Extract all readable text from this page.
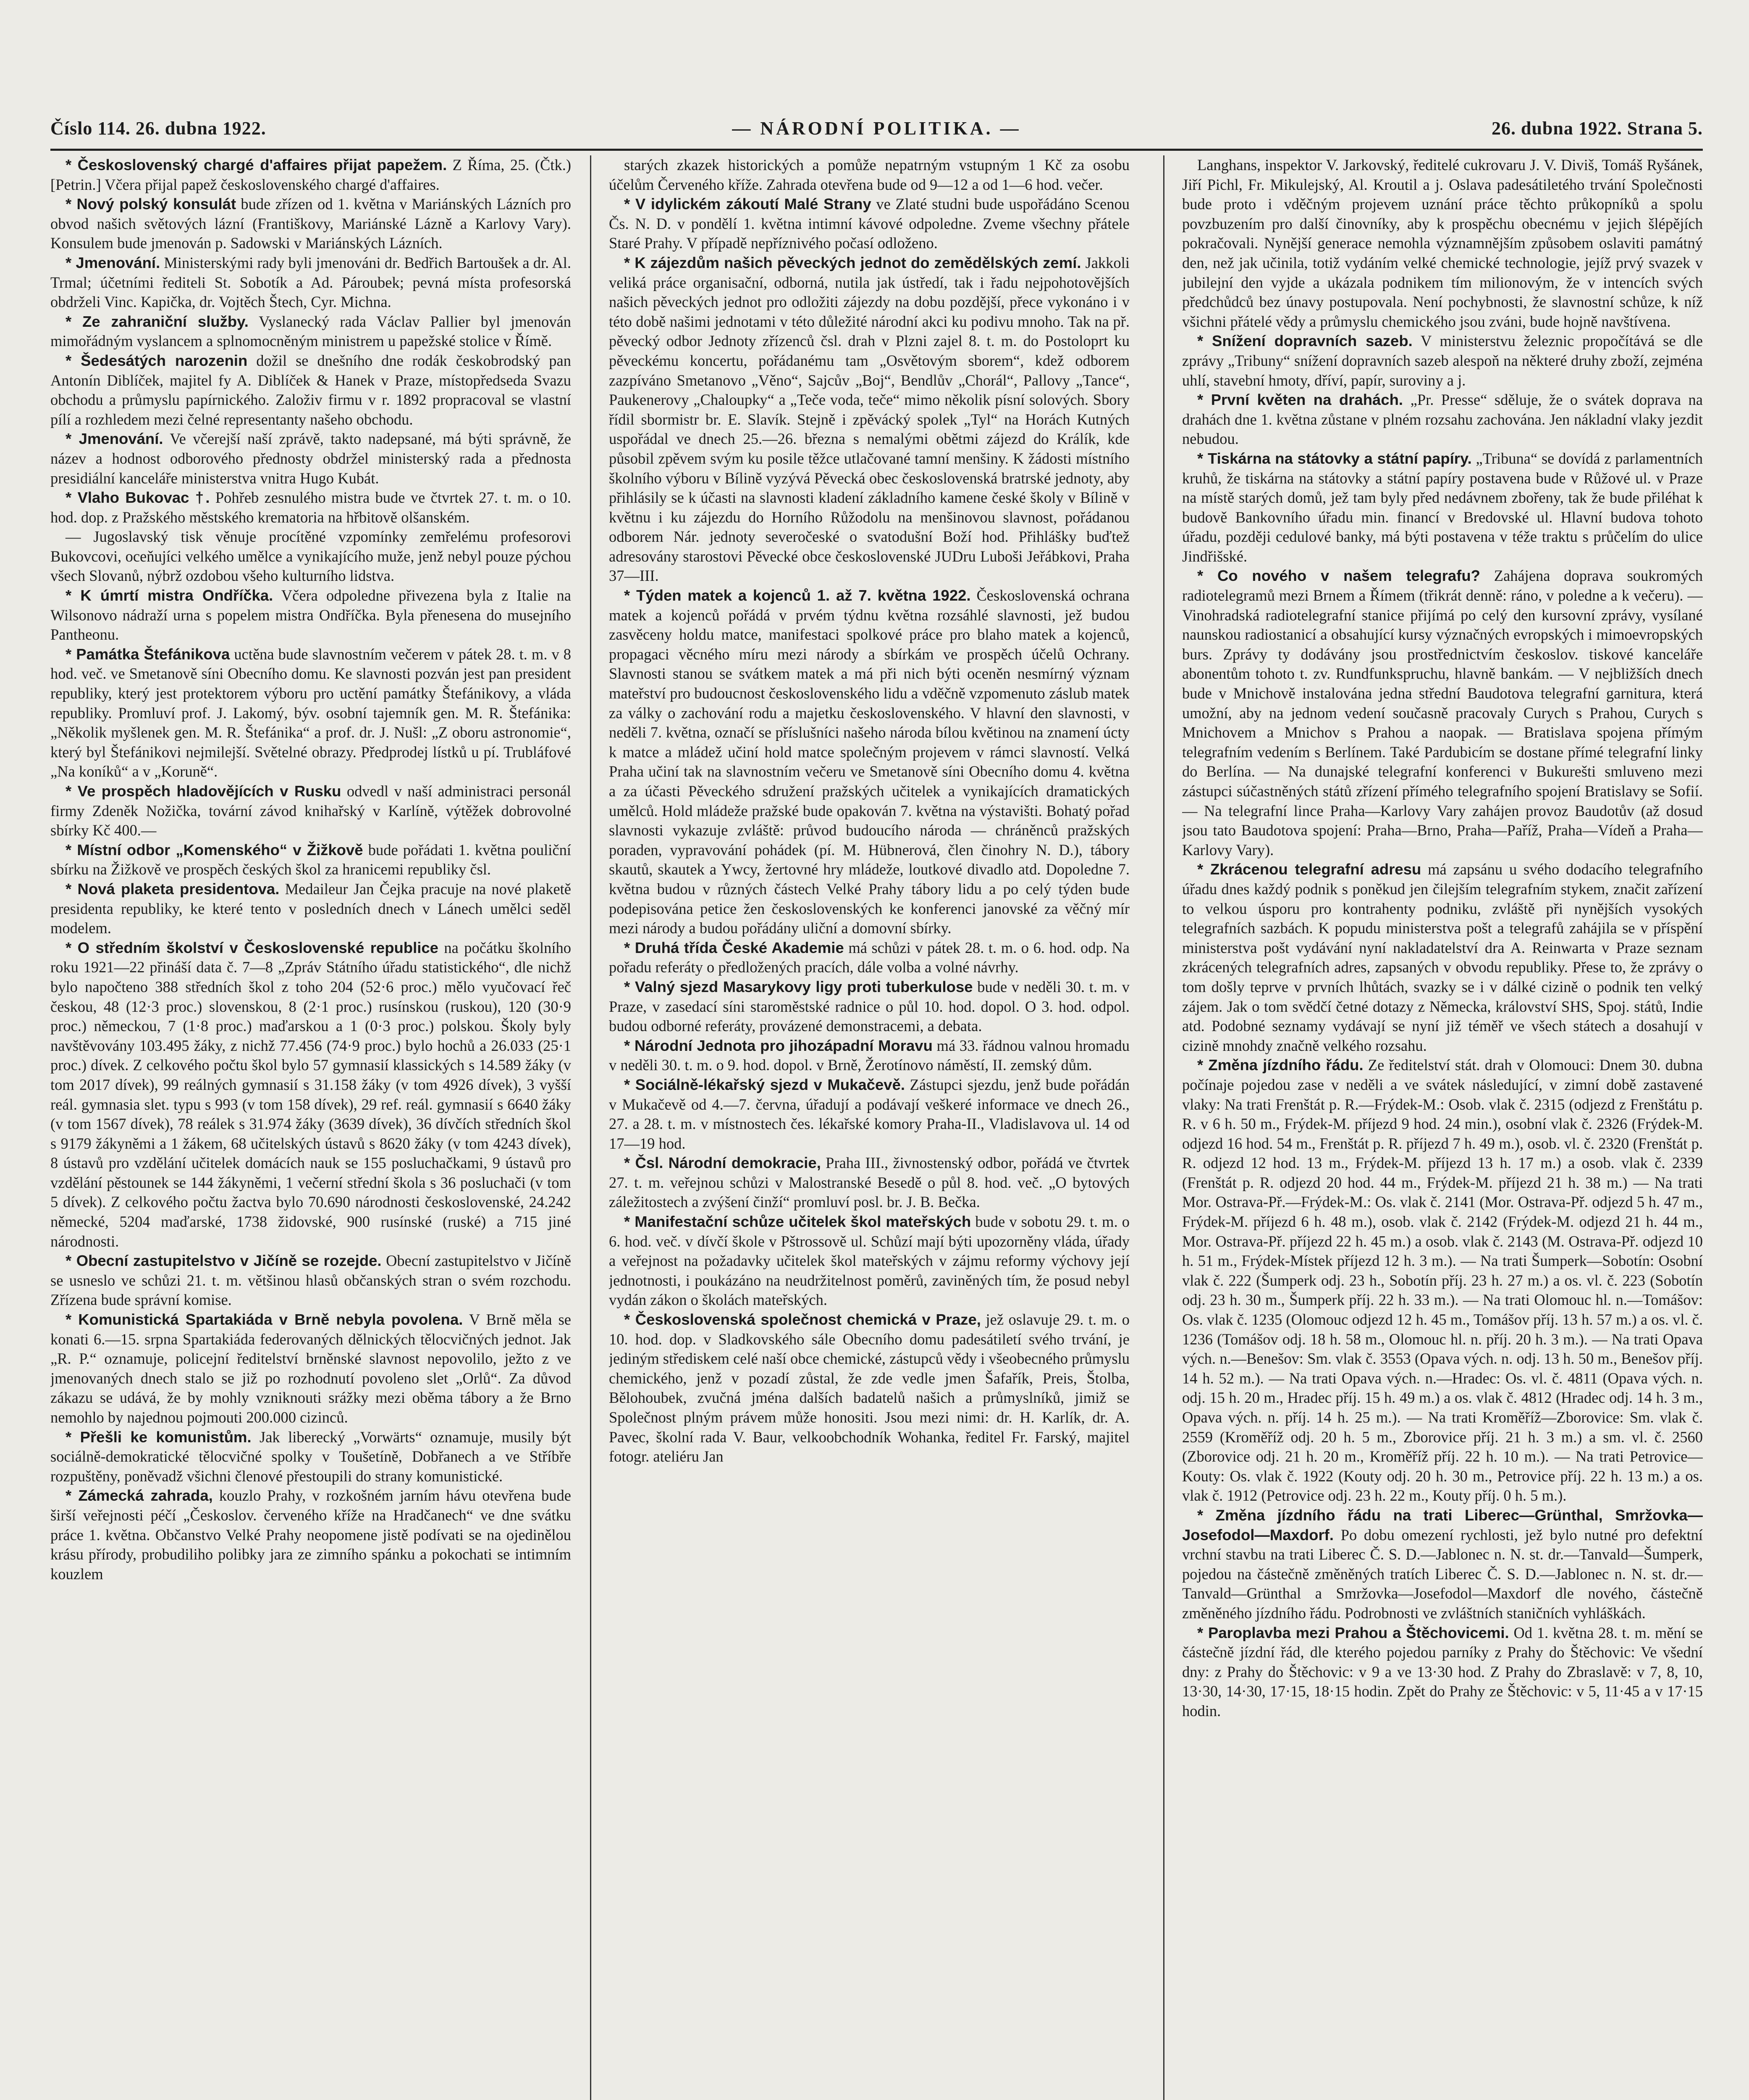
Číslo 114. 26. dubna 1922.	— NÁRODNÍ POLITIKA. —	26. dubna 1922. Strana 5.

* Československý chargé d'affaires přijat papežem. Z Říma, 25. (Čtk.) [Petrin.] Včera přijal papež československého chargé d'affaires.

* Nový polský konsulát bude zřízen od 1. května v Mariánských Lázních pro obvod našich světových lázní (Františkovy, Mariánské Lázně a Karlovy Vary). Konsulem bude jmenován p. Sadowski v Mariánských Lázních.

* Jmenování. Ministerskými rady byli jmenováni dr. Bedřich Bartoušek a dr. Al. Trmal; účetními řediteli St. Sobotík a Ad. Pároubek; pevná místa profesorská obdrželi Vinc. Kapička, dr. Vojtěch Štech, Cyr. Michna.

* Ze zahraniční služby. Vyslanecký rada Václav Pallier byl jmenován mimořádným vyslancem a splnomocněným ministrem u papežské stolice v Římě.

* Šedesátých narozenin dožil se dnešního dne rodák českobrodský pan Antonín Diblíček, majitel fy A. Diblíček & Hanek v Praze, místopředseda Svazu obchodu a průmyslu papírnického. Založiv firmu v r. 1892 propracoval se vlastní pílí a rozhledem mezi čelné representanty našeho obchodu.

* Jmenování. Ve včerejší naší zprávě, takto nadepsané, má býti správně, že název a hodnost odborového přednosty obdržel ministerský rada a přednosta presidiální kanceláře ministerstva vnitra Hugo Kubát.

* Vlaho Bukovac †. Pohřeb zesnulého mistra bude ve čtvrtek 27. t. m. o 10. hod. dop. z Pražského městského krematoria na hřbitově olšanském.

— Jugoslavský tisk věnuje procítěné vzpomínky zemřelému profesorovi Bukovcovi, oceňujíci velkého umělce a vynikajícího muže, jenž nebyl pouze pýchou všech Slovanů, nýbrž ozdobou všeho kulturního lidstva.

* K úmrtí mistra Ondříčka. Včera odpoledne přivezena byla z Italie na Wilsonovo nádraží urna s popelem mistra Ondříčka. Byla přenesena do musejního Pantheonu.

* Památka Štefánikova uctěna bude slavnostním večerem v pátek 28. t. m. v 8 hod. več. ve Smetanově síni Obecního domu. Ke slavnosti pozván jest pan president republiky, který jest protektorem výboru pro uctění památky Štefánikovy, a vláda republiky. Promluví prof. J. Lakomý, býv. osobní tajemník gen. M. R. Štefánika: „Několik myšlenek gen. M. R. Štefánika“ a prof. dr. J. Nušl: „Z oboru astronomie“, který byl Štefánikovi nejmilejší. Světelné obrazy. Předprodej lístků u pí. Trubláfové „Na koníků“ a v „Koruně“.

* Ve prospěch hladovějících v Rusku odvedl v naší administraci personál firmy Zdeněk Nožička, tovární závod knihařský v Karlíně, výtěžek dobrovolné sbírky Kč 400.—

* Místní odbor „Komenského“ v Žižkově bude pořádati 1. května pouliční sbírku na Žižkově ve prospěch českých škol za hranicemi republiky čsl.

* Nová plaketa presidentova. Medaileur Jan Čejka pracuje na nové plaketě presidenta republiky, ke které tento v posledních dnech v Lánech umělci seděl modelem.

* O středním školství v Československé republice na počátku školního roku 1921—22 přináší data č. 7—8 „Zpráv Státního úřadu statistického“, dle nichž bylo napočteno 388 středních škol z toho 204 (52·6 proc.) mělo vyučovací řeč českou, 48 (12·3 proc.) slovenskou, 8 (2·1 proc.) rusínskou (ruskou), 120 (30·9 proc.) německou, 7 (1·8 proc.) maďarskou a 1 (0·3 proc.) polskou. Školy byly navštěvovány 103.495 žáky, z nichž 77.456 (74·9 proc.) bylo hochů a 26.033 (25·1 proc.) dívek. Z celkového počtu škol bylo 57 gymnasií klassických s 14.589 žáky (v tom 2017 dívek), 99 reálných gymnasií s 31.158 žáky (v tom 4926 dívek), 3 vyšší reál. gymnasia slet. typu s 993 (v tom 158 dívek), 29 ref. reál. gymnasií s 6640 žáky (v tom 1567 dívek), 78 reálek s 31.974 žáky (3639 dívek), 36 dívčích středních škol s 9179 žákyněmi a 1 žákem, 68 učitelských ústavů s 8620 žáky (v tom 4243 dívek), 8 ústavů pro vzdělání učitelek domácích nauk se 155 posluchačkami, 9 ústavů pro vzdělání pěstounek se 144 žákyněmi, 1 večerní střední škola s 36 posluchači (v tom 5 dívek). Z celkového počtu žactva bylo 70.690 národnosti československé, 24.242 německé, 5204 maďarské, 1738 židovské, 900 rusínské (ruské) a 715 jiné národnosti.

* Obecní zastupitelstvo v Jičíně se rozejde. Obecní zastupitelstvo v Jičíně se usneslo ve schůzi 21. t. m. většinou hlasů občanských stran o svém rozchodu. Zřízena bude správní komise.

* Komunistická Spartakiáda v Brně nebyla povolena. V Brně měla se konati 6.—15. srpna Spartakiáda federovaných dělnických tělocvičných jednot. Jak „R. P.“ oznamuje, policejní ředitelství brněnské slavnost nepovolilo, ježto z ve jmenovaných dnech stalo se již po rozhodnutí povoleno slet „Orlů“. Za důvod zákazu se udává, že by mohly vzniknouti srážky mezi oběma tábory a že Brno nemohlo by najednou pojmouti 200.000 cizinců.

* Přešli ke komunistům. Jak liberecký „Vorwärts“ oznamuje, musily být sociálně-demokratické tělocvičné spolky v Toušetíně, Dobřanech a ve Stříbře rozpuštěny, poněvadž všichni členové přestoupili do strany komunistické.

* Zámecká zahrada, kouzlo Prahy, v rozkošném jarním hávu otevřena bude širší veřejnosti péčí „Českoslov. červeného kříže na Hradčanech“ ve dne svátku práce 1. května. Občanstvo Velké Prahy neopomene jistě podívati se na ojedinělou krásu přírody, probudiliho polibky jara ze zimního spánku a pokochati se intimním kouzlem

starých zkazek historických a pomůže nepatrným vstupným 1 Kč za osobu účelům Červeného kříže. Zahrada otevřena bude od 9—12 a od 1—6 hod. večer.

* V idylickém zákoutí Malé Strany ve Zlaté studni bude uspořádáno Scenou Čs. N. D. v pondělí 1. května intimní kávové odpoledne. Zveme všechny přátele Staré Prahy. V případě nepříznivého počasí odloženo.

* K zájezdům našich pěveckých jednot do zemědělských zemí. Jakkoli veliká práce organisační, odborná, nutila jak ústředí, tak i řadu nejpohotovějších našich pěveckých jednot pro odložiti zájezdy na dobu pozdější, přece vykonáno i v této době našimi jednotami v této důležité národní akci ku podivu mnoho. Tak na př. pěvecký odbor Jednoty zřízenců čsl. drah v Plzni zajel 8. t. m. do Postoloprt ku pěveckému koncertu, pořádanému tam „Osvětovým sborem“, kdež odborem zazpíváno Smetanovo „Věno“, Sajcův „Boj“, Bendlův „Chorál“, Pallovy „Tance“, Paukenerovy „Chaloupky“ a „Teče voda, teče“ mimo několik písní solových. Sbory řídil sbormistr br. E. Slavík. Stejně i zpěvácký spolek „Tyl“ na Horách Kutných uspořádal ve dnech 25.—26. března s nemalými obětmi zájezd do Králík, kde působil zpěvem svým ku posile těžce utlačované tamní menšiny. K žádosti místního školního výboru v Bílině vyzývá Pěvecká obec československá bratrské jednoty, aby přihlásily se k účasti na slavnosti kladení základního kamene české školy v Bílině v květnu i ku zájezdu do Horního Růžodolu na menšinovou slavnost, pořádanou odborem Nár. jednoty severočeské o svatodušní Boží hod. Přihlášky buďtež adresovány starostovi Pěvecké obce československé JUDru Luboši Jeřábkovi, Praha 37—III.

* Týden matek a kojenců 1. až 7. května 1922. Československá ochrana matek a kojenců pořádá v prvém týdnu května rozsáhlé slavnosti, jež budou zasvěceny holdu matce, manifestaci spolkové práce pro blaho matek a kojenců, propagaci věcného míru mezi národy a sbírkám ve prospěch účelů Ochrany. Slavnosti stanou se svátkem matek a má při nich býti oceněn nesmírný význam mateřství pro budoucnost československého lidu a vděčně vzpomenuto záslub matek za války o zachování rodu a majetku československého. V hlavní den slavnosti, v neděli 7. května, označí se příslušníci našeho národa bílou květinou na znamení úcty k matce a mládež učiní hold matce společným projevem v rámci slavností. Velká Praha učiní tak na slavnostním večeru ve Smetanově síni Obecního domu 4. května a za účasti Pěveckého sdružení pražských učitelek a vynikajících dramatických umělců. Hold mládeže pražské bude opakován 7. května na výstavišti. Bohatý pořad slavnosti vykazuje zvláště: průvod budoucího národa — chráněnců pražských poraden, vypravování pohádek (pí. M. Hübnerová, člen činohry N. D.), tábory skautů, skautek a Ywcy, žertovné hry mládeže, loutkové divadlo atd. Dopoledne 7. května budou v různých částech Velké Prahy tábory lidu a po celý týden bude podepisována petice žen československých ke konferenci janovské za věčný mír mezi národy a budou pořádány uliční a domovní sbírky.

* Druhá třída České Akademie má schůzi v pátek 28. t. m. o 6. hod. odp. Na pořadu referáty o předložených pracích, dále volba a volné návrhy.

* Valný sjezd Masarykovy ligy proti tuberkulose bude v neděli 30. t. m. v Praze, v zasedací síni staroměstské radnice o půl 10. hod. dopol. O 3. hod. odpol. budou odborné referáty, provázené demonstracemi, a debata.

* Národní Jednota pro jihozápadní Moravu má 33. řádnou valnou hromadu v neděli 30. t. m. o 9. hod. dopol. v Brně, Žerotínovo náměstí, II. zemský dům.

* Sociálně-lékařský sjezd v Mukačevě. Zástupci sjezdu, jenž bude pořádán v Mukačevě od 4.—7. června, úřadují a podávají veškeré informace ve dnech 26., 27. a 28. t. m. v místnostech čes. lékařské komory Praha-II., Vladislavova ul. 14 od 17—19 hod.

* Čsl. Národní demokracie, Praha III., živnostenský odbor, pořádá ve čtvrtek 27. t. m. veřejnou schůzi v Malostranské Besedě o půl 8. hod. več. „O bytových záležitostech a zvýšení činží“ promluví posl. br. J. B. Bečka.

* Manifestační schůze učitelek škol mateřských bude v sobotu 29. t. m. o 6. hod. več. v dívčí škole v Pštrossově ul. Schůzí mají býti upozorněny vláda, úřady a veřejnost na požadavky učitelek škol mateřských v zájmu reformy výchovy její jednotnosti, i poukázáno na neudržitelnost poměrů, zaviněných tím, že posud nebyl vydán zákon o školách mateřských.

* Československá společnost chemická v Praze, jež oslavuje 29. t. m. o 10. hod. dop. v Sladkovského sále Obecního domu padesátiletí svého trvání, je jediným střediskem celé naší obce chemické, zástupců vědy i všeobecného průmyslu chemického, jenž v pozadí zůstal, že zde vedle jmen Šafařík, Preis, Štolba, Bělohoubek, zvučná jména dalších badatelů našich a průmyslníků, jimiž se Společnost plným právem může honositi. Jsou mezi nimi: dr. H. Karlík, dr. A. Pavec, školní rada V. Baur, velkoobchodník Wohanka, ředitel Fr. Farský, majitel fotogr. ateliéru Jan

Langhans, inspektor V. Jarkovský, ředitelé cukrovaru J. V. Diviš, Tomáš Ryšánek, Jiří Pichl, Fr. Mikulejský, Al. Kroutil a j. Oslava padesátiletého trvání Společnosti bude proto i vděčným projevem uznání práce těchto průkopníků a spolu povzbuzením pro další činovníky, aby k prospěchu obecnému v jejich šlépějích pokračovali. Nynější generace nemohla významnějším způsobem oslaviti památný den, než jak učinila, totiž vydáním velké chemické technologie, jejíž prvý svazek v jubilejní den vyjde a ukázala podnikem tím milionovým, že v intencích svých předchůdců bez únavy postupovala. Není pochybnosti, že slavnostní schůze, k níž všichni přátelé vědy a průmyslu chemického jsou zváni, bude hojně navštívena.

* Snížení dopravních sazeb. V ministerstvu železnic propočítává se dle zprávy „Tribuny“ snížení dopravních sazeb alespoň na některé druhy zboží, zejména uhlí, stavební hmoty, dříví, papír, suroviny a j.

* První květen na drahách. „Pr. Presse“ sděluje, že o svátek doprava na drahách dne 1. května zůstane v plném rozsahu zachována. Jen nákladní vlaky jezdit nebudou.

* Tiskárna na státovky a státní papíry. „Tribuna“ se dovídá z parlamentních kruhů, že tiskárna na státovky a státní papíry postavena bude v Růžové ul. v Praze na místě starých domů, jež tam byly před nedávnem zbořeny, tak že bude přiléhat k budově Bankovního úřadu min. financí v Bredovské ul. Hlavní budova tohoto úřadu, později cedulové banky, má býti postavena v téže traktu s průčelím do ulice Jindřišské.

* Co nového v našem telegrafu? Zahájena doprava soukromých radiotelegramů mezi Brnem a Římem (třikrát denně: ráno, v poledne a k večeru). — Vinohradská radiotelegrafní stanice přijímá po celý den kursovní zprávy, vysílané naunskou radiostanicí a obsahující kursy význačných evropských i mimoevropských burs. Zprávy ty dodávány jsou prostřednictvím českoslov. tiskové kanceláře abonentům tohoto t. zv. Rundfunkspruchu, hlavně bankám. — V nejbližších dnech bude v Mnichově instalována jedna střední Baudotova telegrafní garnitura, která umožní, aby na jednom vedení současně pracovaly Curych s Prahou, Curych s Mnichovem a Mnichov s Prahou a naopak. — Bratislava spojena přímým telegrafním vedením s Berlínem. Také Pardubicím se dostane přímé telegrafní linky do Berlína. — Na dunajské telegrafní konferenci v Bukurešti smluveno mezi zástupci súčastněných států zřízení přímého telegrafního spojení Bratislavy se Sofií. — Na telegrafní lince Praha—Karlovy Vary zahájen provoz Baudotův (až dosud jsou tato Baudotova spojení: Praha—Brno, Praha—Paříž, Praha—Vídeň a Praha—Karlovy Vary).

* Zkrácenou telegrafní adresu má zapsánu u svého dodacího telegrafního úřadu dnes každý podnik s poněkud jen čilejším telegrafním stykem, značit zařízení to velkou úsporu pro kontrahenty podniku, zvláště při nynějších vysokých telegrafních sazbách. K popudu ministerstva pošt a telegrafů zahájila se v příspění ministerstva pošt vydávání nyní nakladatelství dra A. Reinwarta v Praze seznam zkrácených telegrafních adres, zapsaných v obvodu republiky. Přese to, že zprávy o tom došly teprve v prvních lhůtách, svazky se i v dálké cizině o podnik ten velký zájem. Jak o tom svědčí četné dotazy z Německa, království SHS, Spoj. států, Indie atd. Podobné seznamy vydávají se nyní již téměř ve všech státech a dosahují v cizině mnohdy značně velkého rozsahu.

* Změna jízdního řádu. Ze ředitelství stát. drah v Olomouci: Dnem 30. dubna počínaje pojedou zase v neděli a ve svátek následující, v zimní době zastavené vlaky: Na trati Frenštát p. R.—Frýdek-M.: Osob. vlak č. 2315 (odjezd z Frenštátu p. R. v 6 h. 50 m., Frýdek-M. příjezd 9 hod. 24 min.), osobní vlak č. 2326 (Frýdek-M. odjezd 16 hod. 54 m., Frenštát p. R. příjezd 7 h. 49 m.), osob. vl. č. 2320 (Frenštát p. R. odjezd 12 hod. 13 m., Frýdek-M. příjezd 13 h. 17 m.) a osob. vlak č. 2339 (Frenštát p. R. odjezd 20 hod. 44 m., Frýdek-M. příjezd 21 h. 38 m.) — Na trati Mor. Ostrava-Př.—Frýdek-M.: Os. vlak č. 2141 (Mor. Ostrava-Př. odjezd 5 h. 47 m., Frýdek-M. příjezd 6 h. 48 m.), osob. vlak č. 2142 (Frýdek-M. odjezd 21 h. 44 m., Mor. Ostrava-Př. příjezd 22 h. 45 m.) a osob. vlak č. 2143 (M. Ostrava-Př. odjezd 10 h. 51 m., Frýdek-Místek příjezd 12 h. 3 m.). — Na trati Šumperk—Sobotín: Osobní vlak č. 222 (Šumperk odj. 23 h., Sobotín příj. 23 h. 27 m.) a os. vl. č. 223 (Sobotín odj. 23 h. 30 m., Šumperk příj. 22 h. 33 m.). — Na trati Olomouc hl. n.—Tomášov: Os. vlak č. 1235 (Olomouc odjezd 12 h. 45 m., Tomášov příj. 13 h. 57 m.) a os. vl. č. 1236 (Tomášov odj. 18 h. 58 m., Olomouc hl. n. příj. 20 h. 3 m.). — Na trati Opava vých. n.—Benešov: Sm. vlak č. 3553 (Opava vých. n. odj. 13 h. 50 m., Benešov příj. 14 h. 52 m.). — Na trati Opava vých. n.—Hradec: Os. vl. č. 4811 (Opava vých. n. odj. 15 h. 20 m., Hradec příj. 15 h. 49 m.) a os. vlak č. 4812 (Hradec odj. 14 h. 3 m., Opava vých. n. příj. 14 h. 25 m.). — Na trati Kroměříž—Zborovice: Sm. vlak č. 2559 (Kroměříž odj. 20 h. 5 m., Zborovice příj. 21 h. 3 m.) a sm. vl. č. 2560 (Zborovice odj. 21 h. 20 m., Kroměříž příj. 22 h. 10 m.). — Na trati Petrovice—Kouty: Os. vlak č. 1922 (Kouty odj. 20 h. 30 m., Petrovice příj. 22 h. 13 m.) a os. vlak č. 1912 (Petrovice odj. 23 h. 22 m., Kouty příj. 0 h. 5 m.).

* Změna jízdního řádu na trati Liberec—Grünthal, Smržovka—Josefodol—Maxdorf. Po dobu omezení rychlosti, jež bylo nutné pro defektní vrchní stavbu na trati Liberec Č. S. D.—Jablonec n. N. st. dr.—Tanvald—Šumperk, pojedou na částečně změněných tratích Liberec Č. S. D.—Jablonec n. N. st. dr.—Tanvald—Grünthal a Smržovka—Josefodol—Maxdorf dle nového, částečně změněného jízdního řádu. Podrobnosti ve zvláštních staničních vyhláškách.

* Paroplavba mezi Prahou a Štěchovicemi. Od 1. května 28. t. m. mění se částečně jízdní řád, dle kterého pojedou parníky z Prahy do Štěchovic: Ve všední dny: z Prahy do Štěchovic: v 9 a ve 13·30 hod. Z Prahy do Zbraslavě: v 7, 8, 10, 13·30, 14·30, 17·15, 18·15 hodin. Zpět do Prahy ze Štěchovic: v 5, 11·45 a v 17·15 hodin.
